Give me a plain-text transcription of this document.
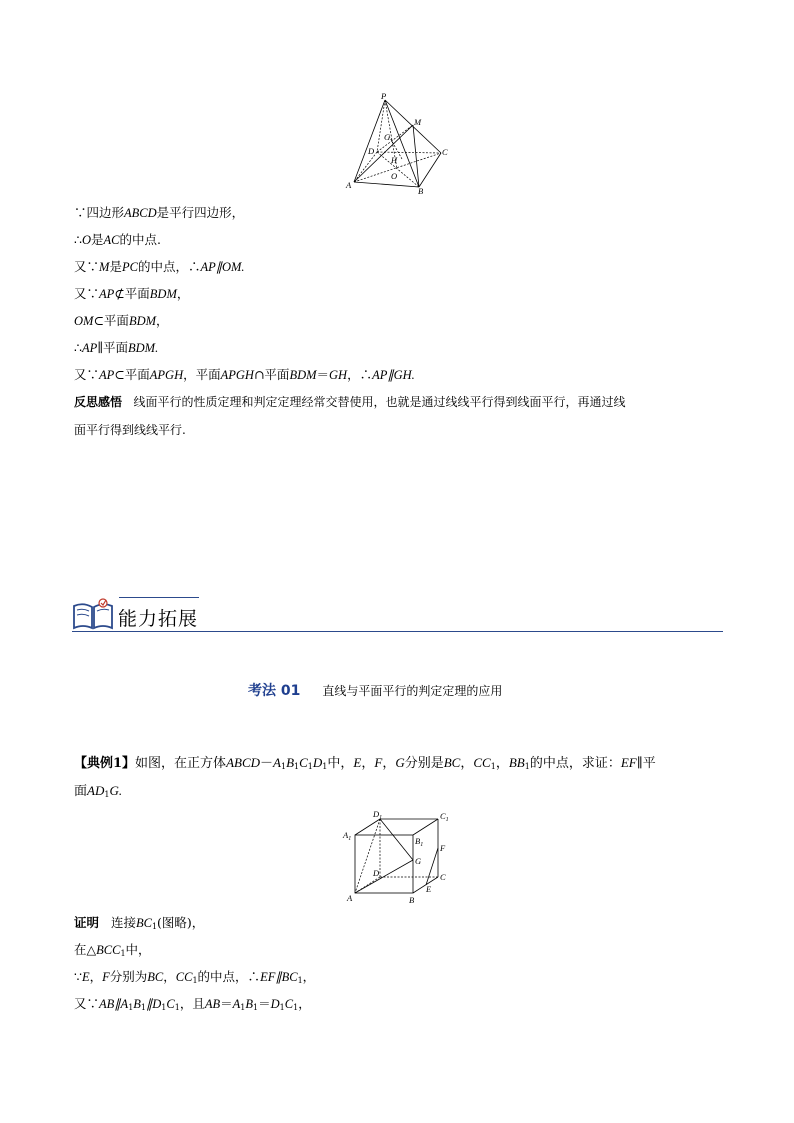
P
M
G
D
H
C
O
A
B
∵四边形ABCD是平行四边形，
∴O是AC的中点.
又∵M是PC的中点，∴AP∥OM.
又∵AP⊄平面BDM，
OM⊂平面BDM，
∴AP∥平面BDM.
又∵AP⊂平面APGH，平面APGH∩平面BDM＝GH，∴AP∥GH.
反思感悟 线面平行的性质定理和判定定理经常交替使用，也就是通过线线平行得到线面平行，再通过线
面平行得到线线平行.
能力拓展
考法 01 直线与平面平行的判定定理的应用
【典例1】如图，在正方体$ABCD-A_1B_1C_1D_1$中，E，F，G分别是BC，$CC_1$，$BB_1$的中点，求证：EF∥平
面$AD_1G$.
$D_1$	$C_1$
$A_1$	$B_1$ F
G
D
E
C
A	B
证明 连接$BC_1$(图略)，
在$\triangle BCC_1$中，
∵E，F分别为BC，$CC_1$的中点，$\therefore EF\parallel BC_1$，
又$\because AB\parallel A_1B_1\parallel D_1C_1$，且$AB=A_1B_1=D_1C_1$，
